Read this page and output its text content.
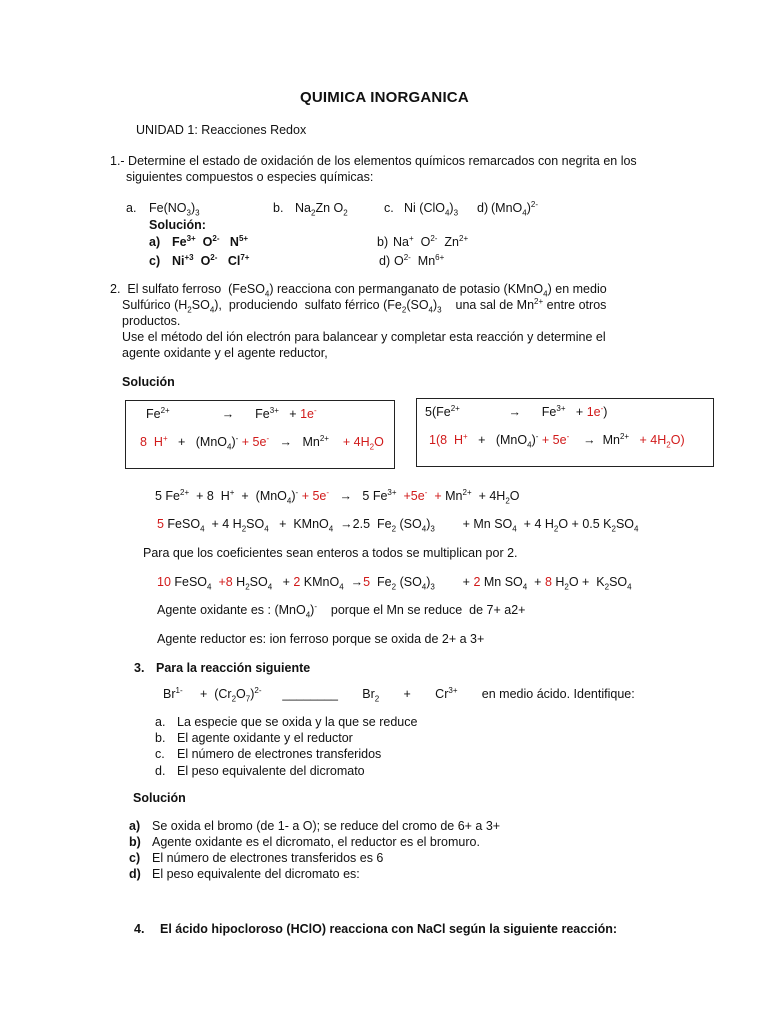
QUIMICA INORGANICA
UNIDAD 1: Reacciones Redox
1.- Determine el estado de oxidación de los elementos químicos remarcados con negrita en los
siguientes compuestos o especies químicas:
a. $Fe(NO_3)_3$	b. $Na_2Zn$ $O_2$	c. Ni $(ClO_4)_3$ d) $(MnO_4)^{2-}$
Solución:
a) $Fe^{3+}$  $O^{2-}$   $N^{5+}$	b) Na+  $O^{2-}$  $Zn^{2+}$
c) $Ni^{+3}$  $O^{2-}$   $Cl^{7+}$	d) $O^{2-}$  $Mn^{6+}$
2.  El sulfato ferroso  (FeSO$_4$) reacciona con permanganato de potasio (KMnO$_4$) en medio
Sulfúrico $(H_2SO_4)$,  produciendo  sulfato férrico ($Fe_2(SO_4)_3$    una sal de $Mn^{2+}$ entre otros
productos.
Use el método del ión electrón para balancear y completar esta reacción y determine el
agente oxidante y el agente reductor,
Solución
$Fe^{2+}$               →      $Fe^{3+} + 1e^-$
8  $H^+ + (MnO_4)^- + 5e^- \to Mn^{2+} + 4H_2O$
$5(Fe^{2+}$              →      $Fe^{3+} + 1e^-$)
1(8  H+   +   (MnO$_4$)- + 5e-    →  $Mn^{2+} + 4H_2O$)
5 $Fe^{2+} + 8$  H+  +  (MnO$_4$)- + 5e-   →   5 $Fe^{3+} +5e^- + Mn^{2+} + 4H_2O$
5 FeSO$_4$  + 4 $H_2SO_4$   +  KMnO$_4$  →2.5  $Fe_2$ $(SO_4)_3$        + Mn $SO_4 + 4$ $H_2O + 0.5$ $K_2SO_4$
Para que los coeficientes sean enteros a todos se multiplican por 2.
10 FeSO$_4$ +8 $H_2SO_4 + 2$ KMnO$_4$  →5  $Fe_2$ $(SO_4)_3$        + 2 Mn $SO_4 + 8$ $H_2O + K_2SO_4$
Agente oxidante es : (MnO$_4$)-    porque el Mn se reduce  de 7+ a2+
Agente reductor es: ion ferroso porque se oxida de 2+ a 3+
3. Para la reacción siguiente
$Br^{1-}$     +  $(Cr_2O_7)^{2-}$      ________       $Br_2$       +       $Cr^{3+}$       en medio ácido. Identifique:
a. La especie que se oxida y la que se reduce
b. El agente oxidante y el reductor
c. El número de electrones transferidos
d. El peso equivalente del dicromato
Solución
a) Se oxida el bromo (de 1- a O); se reduce del cromo de 6+ a 3+
b) Agente oxidante es el dicromato, el reductor es el bromuro.
c) El número de electrones transferidos es 6
d) El peso equivalente del dicromato es:
4. El ácido hipocloroso (HClO) reacciona con NaCl según la siguiente reacción:
